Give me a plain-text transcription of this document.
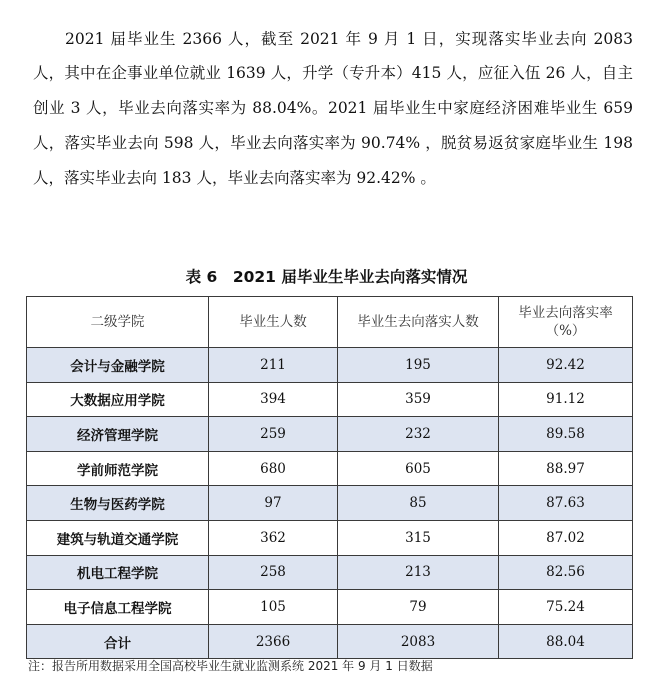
2021 届毕业生 2366 人，截至 2021 年 9 月 1 日，实现落实毕业去向 2083 人，其中在企事业单位就业 1639 人，升学（专升本）415 人，应征入伍 26 人，自主创业 3 人，毕业去向落实率为 88.04%。2021 届毕业生中家庭经济困难毕业生 659 人，落实毕业去向 598 人，毕业去向落实率为 90.74% ，脱贫易返贫家庭毕业生 198 人，落实毕业去向 183 人，毕业去向落实率为 92.42% 。

表 6　2021 届毕业生毕业去向落实情况
二级学院	毕业生人数	毕业生去向落实人数	毕业去向落实率（%）
会计与金融学院	211	195	92.42
大数据应用学院	394	359	91.12
经济管理学院	259	232	89.58
学前师范学院	680	605	88.97
生物与医药学院	97	85	87.63
建筑与轨道交通学院	362	315	87.02
机电工程学院	258	213	82.56
电子信息工程学院	105	79	75.24
合计	2366	2083	88.04
注：报告所用数据采用全国高校毕业生就业监测系统 2021 年 9 月 1 日数据
